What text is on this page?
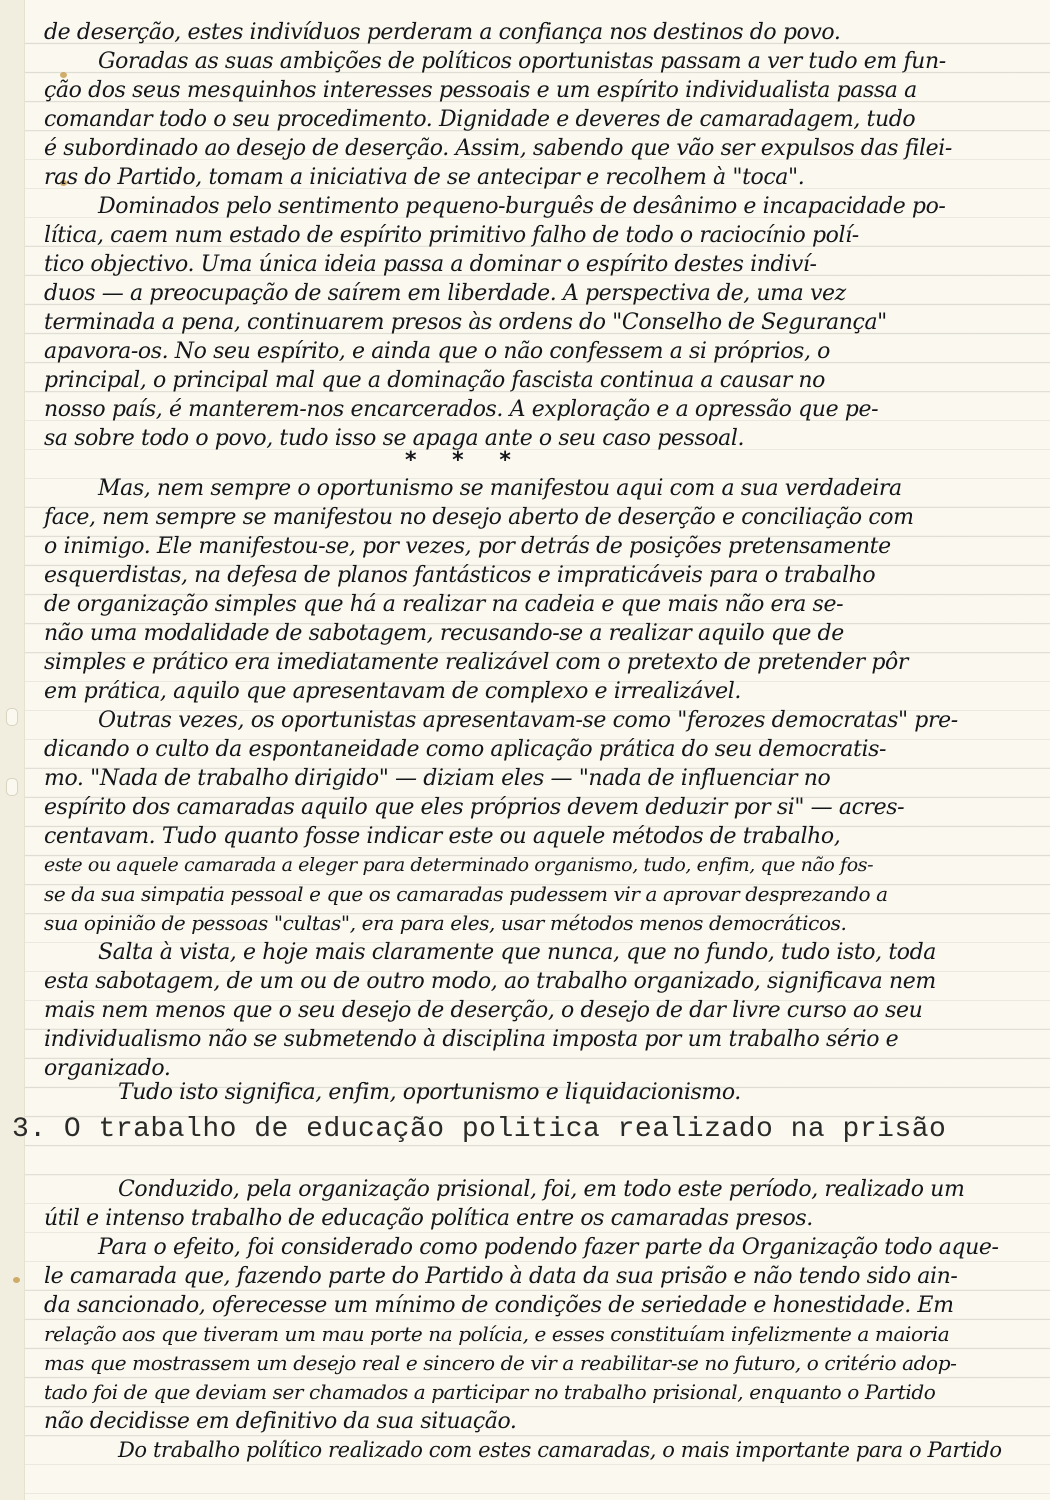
de deserção, estes indivíduos perderam a confiança nos destinos do povo.
Goradas as suas ambições de políticos oportunistas passam a ver tudo em fun-
ção dos seus mesquinhos interesses pessoais e um espírito individualista passa a
comandar todo o seu procedimento. Dignidade e deveres de camaradagem, tudo
é subordinado ao desejo de deserção. Assim, sabendo que vão ser expulsos das filei-
ras do Partido, tomam a iniciativa de se antecipar e recolhem à "toca".
Dominados pelo sentimento pequeno-burguês de desânimo e incapacidade po-
lítica, caem num estado de espírito primitivo falho de todo o raciocínio polí-
tico objectivo. Uma única ideia passa a dominar o espírito destes indiví-
duos — a preocupação de saírem em liberdade. A perspectiva de, uma vez
terminada a pena, continuarem presos às ordens do "Conselho de Segurança"
apavora-os. No seu espírito, e ainda que o não confessem a si próprios, o
principal, o principal mal que a dominação fascista continua a causar no
nosso país, é manterem-nos encarcerados. A exploração e a opressão que pe-
sa sobre todo o povo, tudo isso se apaga ante o seu caso pessoal.
* * *
Mas, nem sempre o oportunismo se manifestou aqui com a sua verdadeira
face, nem sempre se manifestou no desejo aberto de deserção e conciliação com
o inimigo. Ele manifestou-se, por vezes, por detrás de posições pretensamente
esquerdistas, na defesa de planos fantásticos e impraticáveis para o trabalho
de organização simples que há a realizar na cadeia e que mais não era se-
não uma modalidade de sabotagem, recusando-se a realizar aquilo que de
simples e prático era imediatamente realizável com o pretexto de pretender pôr
em prática, aquilo que apresentavam de complexo e irrealizável.
Outras vezes, os oportunistas apresentavam-se como "ferozes democratas" pre-
dicando o culto da espontaneidade como aplicação prática do seu democratis-
mo. "Nada de trabalho dirigido" — diziam eles — "nada de influenciar no
espírito dos camaradas aquilo que eles próprios devem deduzir por si" — acres-
centavam. Tudo quanto fosse indicar este ou aquele métodos de trabalho,
este ou aquele camarada a eleger para determinado organismo, tudo, enfim, que não fos-
se da sua simpatia pessoal e que os camaradas pudessem vir a aprovar desprezando a
sua opinião de pessoas "cultas", era para eles, usar métodos menos democráticos.
Salta à vista, e hoje mais claramente que nunca, que no fundo, tudo isto, toda
esta sabotagem, de um ou de outro modo, ao trabalho organizado, significava nem
mais nem menos que o seu desejo de deserção, o desejo de dar livre curso ao seu
individualismo não se submetendo à disciplina imposta por um trabalho sério e
organizado.
Tudo isto significa, enfim, oportunismo e liquidacionismo.
3. O trabalho de educação politica realizado na prisão
Conduzido, pela organização prisional, foi, em todo este período, realizado um
útil e intenso trabalho de educação política entre os camaradas presos.
Para o efeito, foi considerado como podendo fazer parte da Organização todo aque-
le camarada que, fazendo parte do Partido à data da sua prisão e não tendo sido ain-
da sancionado, oferecesse um mínimo de condições de seriedade e honestidade. Em
relação aos que tiveram um mau porte na polícia, e esses constituíam infelizmente a maioria
mas que mostrassem um desejo real e sincero de vir a reabilitar-se no futuro, o critério adop-
tado foi de que deviam ser chamados a participar no trabalho prisional, enquanto o Partido
não decidisse em definitivo da sua situação.
Do trabalho político realizado com estes camaradas, o mais importante para o Partido
